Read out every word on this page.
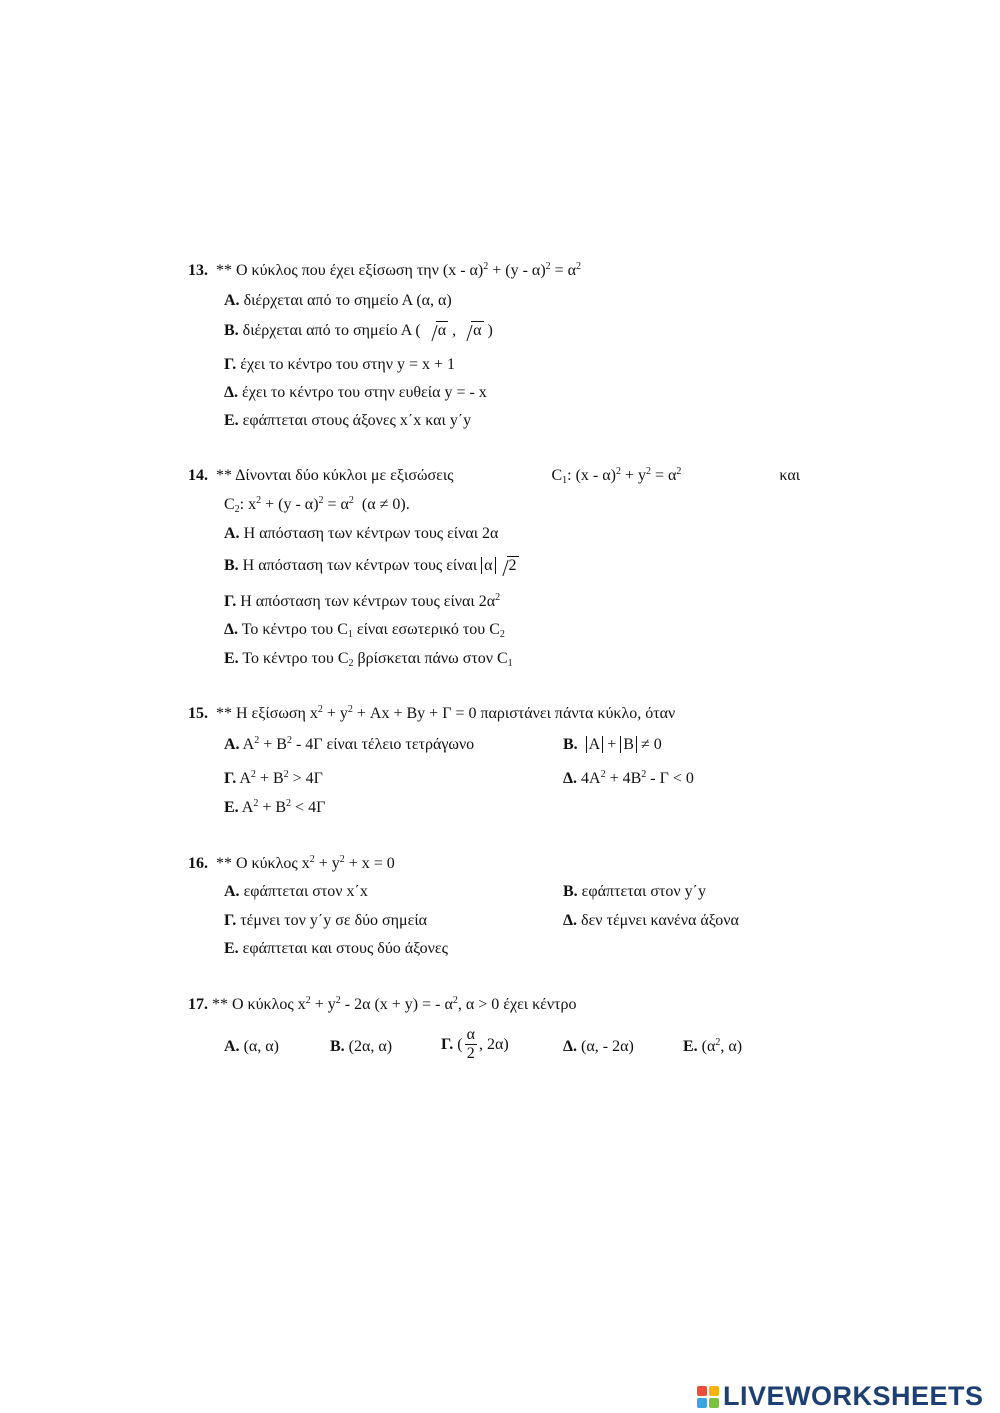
13.  ** Ο κύκλος που έχει εξίσωση την $(x - \alpha)^2 + (y - \alpha)^2 = \alpha^2$
Α. διέρχεται από το σημείο Α (α, α)
Β. διέρχεται από το σημείο Α ( α , α )
Γ. έχει το κέντρο του στην y = x + 1
Δ. έχει το κέντρο του στην ευθεία y = - x
Ε. εφάπτεται στους άξονες x΄x και y΄y
14.  ** Δίνονται δύο κύκλοι με εξισώσεις	$C_1$: $(x - \alpha)^2 + y^2 = \alpha^2$	και
$C_2$: $x^2 + (y - \alpha)^2 = \alpha^2$  (α ≠ 0).
Α. Η απόσταση των κέντρων τους είναι 2α
Β. Η απόσταση των κέντρων τους είναι α 2
Γ. Η απόσταση των κέντρων τους είναι $2\alpha^2$
Δ. Το κέντρο του $C_1$ είναι εσωτερικό του $C_2$
Ε. Το κέντρο του $C_2$ βρίσκεται πάνω στον $C_1$
15.  ** Η εξίσωση $x^2 + y^2 + Ax + By + \Gamma = 0$ παριστάνει πάντα κύκλο, όταν
Α. $A^2 + B^2 - 4\Gamma$ είναι τέλειο τετράγωνο	Β. Α + Β ≠ 0
Γ. $A^2 + B^2 > 4\Gamma$	Δ. $4A^2 + 4B^2 - \Gamma < 0$
Ε. $A^2 + B^2 < 4\Gamma$
16.  ** Ο κύκλος $x^2 + y^2 + x = 0$
Α. εφάπτεται στον x΄x	Β. εφάπτεται στον y΄y
Γ. τέμνει τον y΄y σε δύο σημεία	Δ. δεν τέμνει κανένα άξονα
Ε. εφάπτεται και στους δύο άξονες
17. ** Ο κύκλος $x^2 + y^2 - 2\alpha$ (x + y) = - $\alpha^2$, α > 0 έχει κέντρο
Α. (α, α)	Β. (2α, α)	Γ. ( $\frac{\alpha}{2}$ , 2α)	Δ. (α, - 2α)	Ε. ($\alpha^2$, α)
LIVEWORKSHEETS
